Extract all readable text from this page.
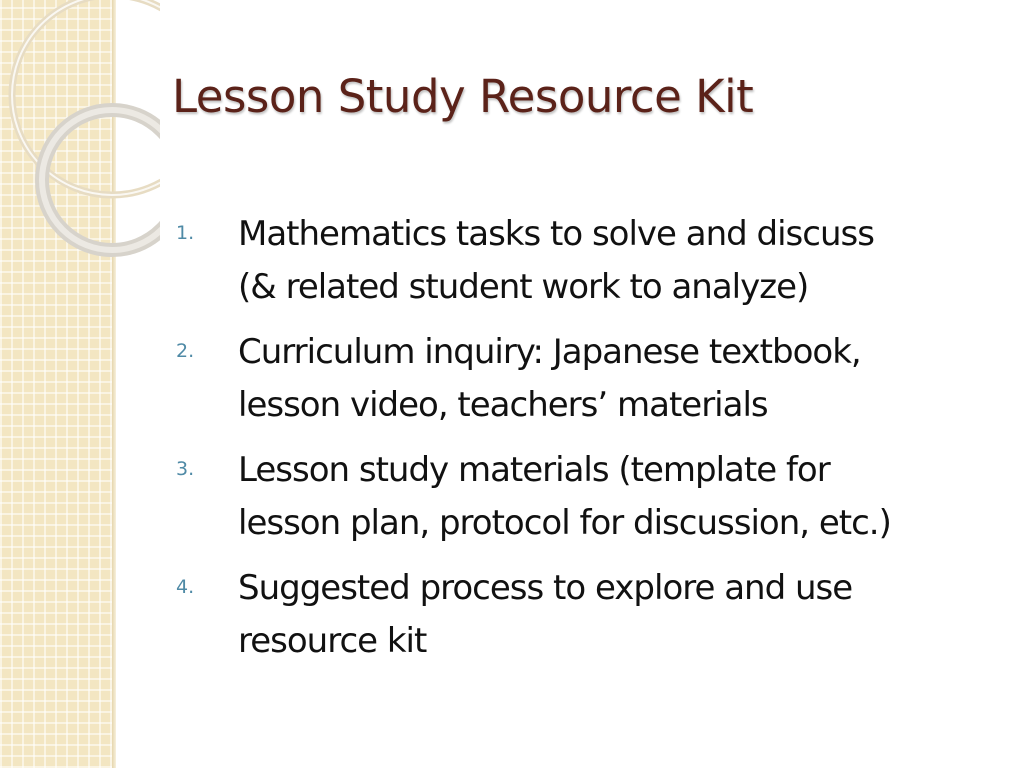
Lesson Study Resource Kit
1.	Mathematics tasks to solve and discuss
(& related student work to analyze)
2.	Curriculum inquiry: Japanese textbook,
lesson video, teachers’ materials
3.	Lesson study materials (template for
lesson plan, protocol for discussion, etc.)
4.	Suggested process to explore and use
resource kit
